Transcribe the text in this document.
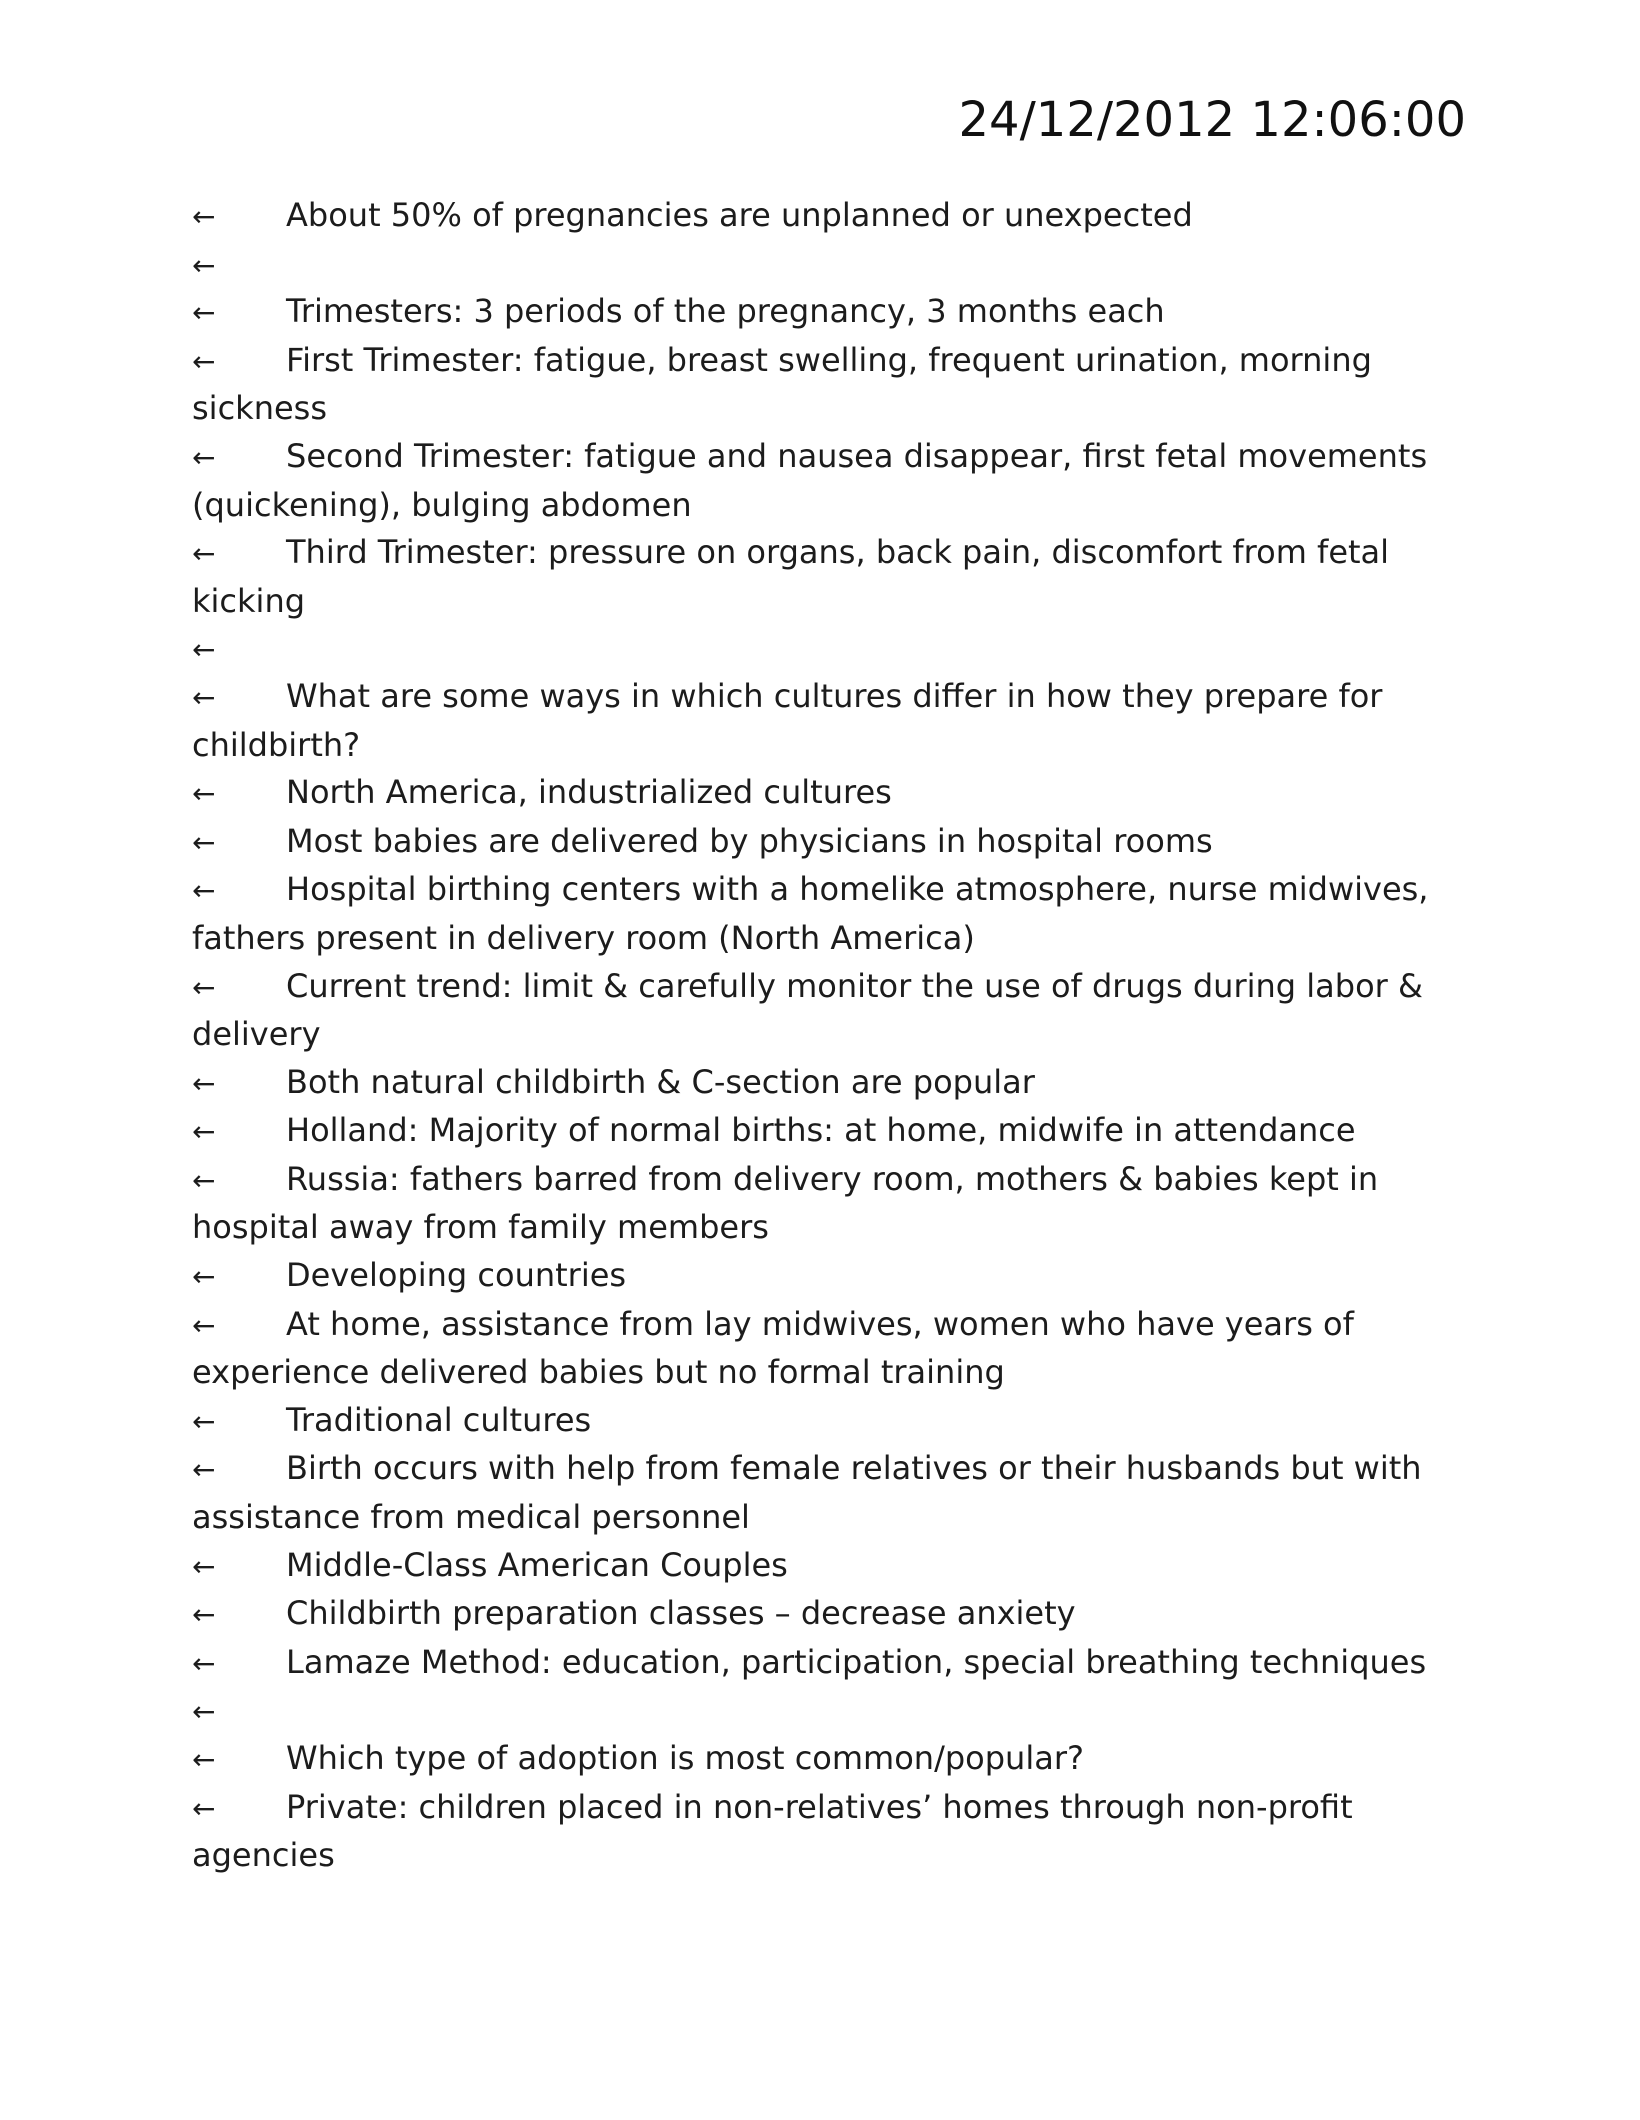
24/12/2012 12:06:00
← About 50% of pregnancies are unplanned or unexpected
←
← Trimesters: 3 periods of the pregnancy, 3 months each
← First Trimester: fatigue, breast swelling, frequent urination, morning sickness
← Second Trimester: fatigue and nausea disappear, first fetal movements (quickening), bulging abdomen
← Third Trimester: pressure on organs, back pain, discomfort from fetal kicking
←
← What are some ways in which cultures differ in how they prepare for childbirth?
← North America, industrialized cultures
← Most babies are delivered by physicians in hospital rooms
← Hospital birthing centers with a homelike atmosphere, nurse midwives, fathers present in delivery room (North America)
← Current trend: limit & carefully monitor the use of drugs during labor & delivery
← Both natural childbirth & C-section are popular
← Holland: Majority of normal births: at home, midwife in attendance
← Russia: fathers barred from delivery room, mothers & babies kept in hospital away from family members
← Developing countries
← At home, assistance from lay midwives, women who have years of experience delivered babies but no formal training
← Traditional cultures
← Birth occurs with help from female relatives or their husbands but with assistance from medical personnel
← Middle-Class American Couples
← Childbirth preparation classes – decrease anxiety
← Lamaze Method: education, participation, special breathing techniques
←
← Which type of adoption is most common/popular?
← Private: children placed in non-relatives’ homes through non-profit agencies
